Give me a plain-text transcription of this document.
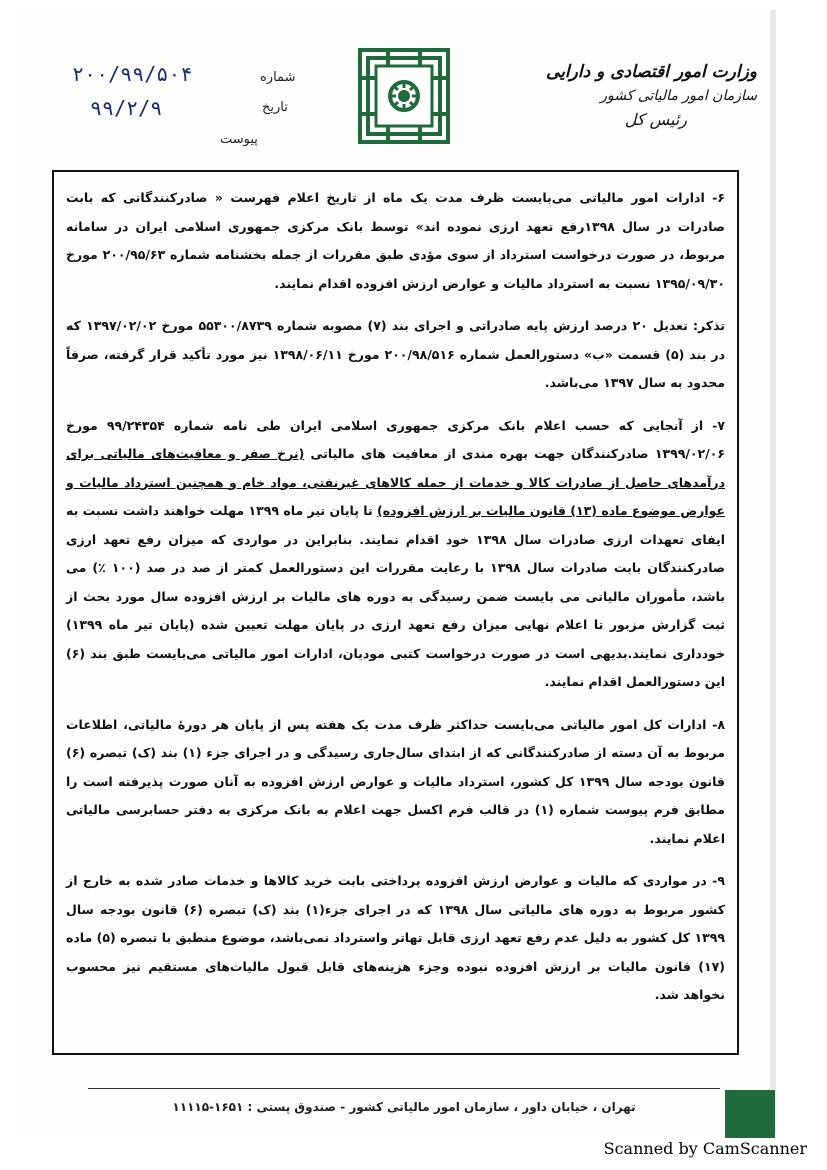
وزارت امور اقتصادی و دارایی
سازمان امور مالیاتی کشور
رئیس کل
شماره
۲۰۰/۹۹/۵۰۴
تاریخ
۹۹/۲/۹
پیوست

۶- ادارات امور مالیاتی می‌بایست ظرف مدت یک ماه از تاریخ اعلام فهرست « صادرکنندگانی که بابت صادرات در سال ۱۳۹۸رفع تعهد ارزی نموده اند» توسط بانک مرکزی جمهوری اسلامی ایران در سامانه مربوط، در صورت درخواست استرداد از سوی مؤدی طبق مقررات از جمله بخشنامه شماره ۲۰۰/۹۵/۶۳ مورخ ۱۳۹۵/۰۹/۳۰ نسبت به استرداد مالیات و عوارض ارزش افزوده اقدام نمایند.

تذکر: تعدیل ۲۰ درصد ارزش پایه صادراتی و اجرای بند (۷) مصوبه شماره ۵۵۳۰۰/۸۷۳۹ مورخ ۱۳۹۷/۰۲/۰۲ که در بند (۵) قسمت «ب» دستورالعمل شماره ۲۰۰/۹۸/۵۱۶ مورخ ۱۳۹۸/۰۶/۱۱ نیز مورد تأکید قرار گرفته، صرفاً محدود به سال ۱۳۹۷ می‌باشد.

۷- از آنجایی که حسب اعلام بانک مرکزی جمهوری اسلامی ایران طی نامه شماره ۹۹/۲۴۳۵۴ مورخ ۱۳۹۹/۰۲/۰۶ صادرکنندگان جهت بهره مندی از معافیت های مالیاتی (نرخ صفر و معافیت‌های مالیاتی برای درآمدهای حاصل از صادرات کالا و خدمات از جمله کالاهای غیرنفتی، مواد خام و همچنین استرداد مالیات و عوارض موضوع ماده (۱۳) قانون مالیات بر ارزش افزوده) تا پایان تیر ماه ۱۳۹۹ مهلت خواهند داشت نسبت به ایفای تعهدات ارزی صادرات سال ۱۳۹۸ خود اقدام نمایند. بنابراین در مواردی که میزان رفع تعهد ارزی صادرکنندگان بابت صادرات سال ۱۳۹۸ با رعایت مقررات این دستورالعمل کمتر از صد در صد (۱۰۰ ٪) می باشد، مأموران مالیاتی می بایست ضمن رسیدگی به دوره های مالیات بر ارزش افزوده سال مورد بحث از ثبت گزارش مزبور تا اعلام نهایی میزان رفع تعهد ارزی در پایان مهلت تعیین شده (پایان تیر ماه ۱۳۹۹) خودداری نمایند.بدیهی است در صورت درخواست کتبی مودیان، ادارات امور مالیاتی می‌بایست طبق بند (۶) این دستورالعمل اقدام نمایند.

۸- ادارات کل امور مالیاتی می‌بایست حداکثر ظرف مدت یک هفته پس از پایان هر دورهٔ مالیاتی، اطلاعات مربوط به آن دسته از صادرکنندگانی که از ابتدای سال‌جاری رسیدگی و در اجرای جزء (۱) بند (ک) تبصره (۶) قانون بودجه سال ۱۳۹۹ کل کشور، استرداد مالیات و عوارض ارزش افزوده به آنان صورت پذیرفته است را مطابق فرم پیوست شماره (۱) در قالب فرم اکسل جهت اعلام به بانک مرکزی به دفتر حسابرسی مالیاتی اعلام نمایند.

۹- در مواردی که مالیات و عوارض ارزش افزوده پرداختی بابت خرید کالاها و خدمات صادر شده به خارج از کشور مربوط به دوره های مالیاتی سال ۱۳۹۸ که در اجرای جزء(۱) بند (ک) تبصره (۶) قانون بودجه سال ۱۳۹۹ کل کشور به دلیل عدم رفع تعهد ارزی قابل تهاتر واسترداد نمی‌باشد، موضوع منطبق با تبصره (۵) ماده (۱۷) قانون مالیات بر ارزش افزوده نبوده وجزء هزینه‌های قابل قبول مالیات‌های مستقیم نیز محسوب نخواهد شد.

تهران ، خیابان داور ، سازمان امور مالیاتی کشور - صندوق پستی : ۱۶۵۱-۱۱۱۱۵
Scanned by CamScanner
